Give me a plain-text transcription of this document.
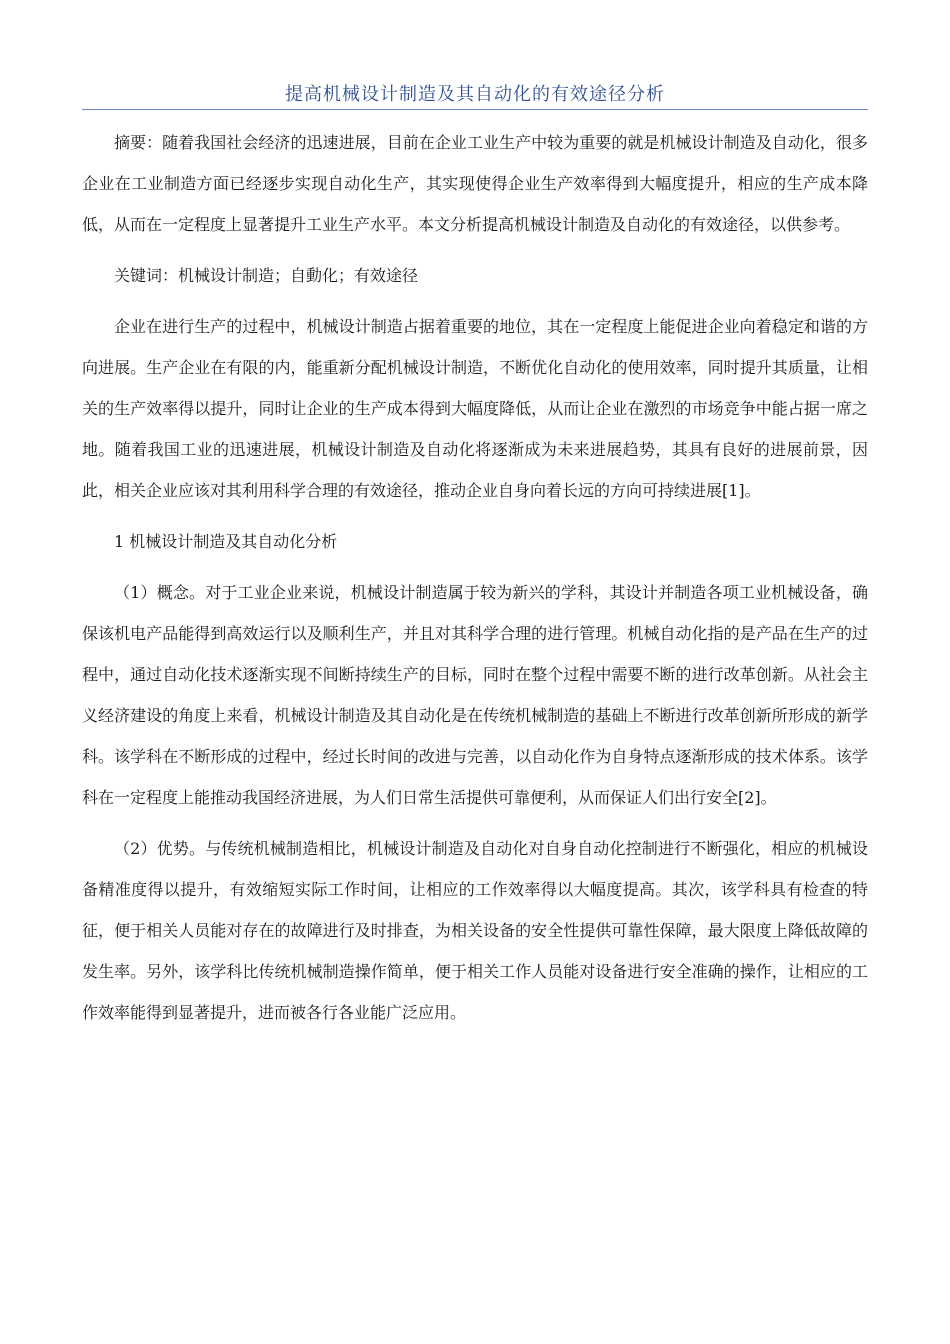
提高机械设计制造及其自动化的有效途径分析

摘要：随着我国社会经济的迅速进展，目前在企业工业生产中较为重要的就是机械设计制造及自动化，很多企业在工业制造方面已经逐步实现自动化生产，其实现使得企业生产效率得到大幅度提升，相应的生产成本降低，从而在一定程度上显著提升工业生产水平。本文分析提高机械设计制造及自动化的有效途径，以供参考。

关键词：机械设计制造；自動化；有效途径

企业在进行生产的过程中，机械设计制造占据着重要的地位，其在一定程度上能促进企业向着稳定和谐的方向进展。生产企业在有限的内，能重新分配机械设计制造，不断优化自动化的使用效率，同时提升其质量，让相关的生产效率得以提升，同时让企业的生产成本得到大幅度降低，从而让企业在激烈的市场竞争中能占据一席之地。随着我国工业的迅速进展，机械设计制造及自动化将逐渐成为未来进展趋势，其具有良好的进展前景，因此，相关企业应该对其利用科学合理的有效途径，推动企业自身向着长远的方向可持续进展[1]。

1 机械设计制造及其自动化分析

（1）概念。对于工业企业来说，机械设计制造属于较为新兴的学科，其设计并制造各项工业机械设备，确保该机电产品能得到高效运行以及顺利生产，并且对其科学合理的进行管理。机械自动化指的是产品在生产的过程中，通过自动化技术逐渐实现不间断持续生产的目标，同时在整个过程中需要不断的进行改革创新。从社会主义经济建设的角度上来看，机械设计制造及其自动化是在传统机械制造的基础上不断进行改革创新所形成的新学科。该学科在不断形成的过程中，经过长时间的改进与完善，以自动化作为自身特点逐渐形成的技术体系。该学科在一定程度上能推动我国经济进展，为人们日常生活提供可靠便利，从而保证人们出行安全[2]。

（2）优势。与传统机械制造相比，机械设计制造及自动化对自身自动化控制进行不断强化，相应的机械设备精准度得以提升，有效缩短实际工作时间，让相应的工作效率得以大幅度提高。其次，该学科具有检查的特征，便于相关人员能对存在的故障进行及时排查，为相关设备的安全性提供可靠性保障，最大限度上降低故障的发生率。另外，该学科比传统机械制造操作简单，便于相关工作人员能对设备进行安全准确的操作，让相应的工作效率能得到显著提升，进而被各行各业能广泛应用。
